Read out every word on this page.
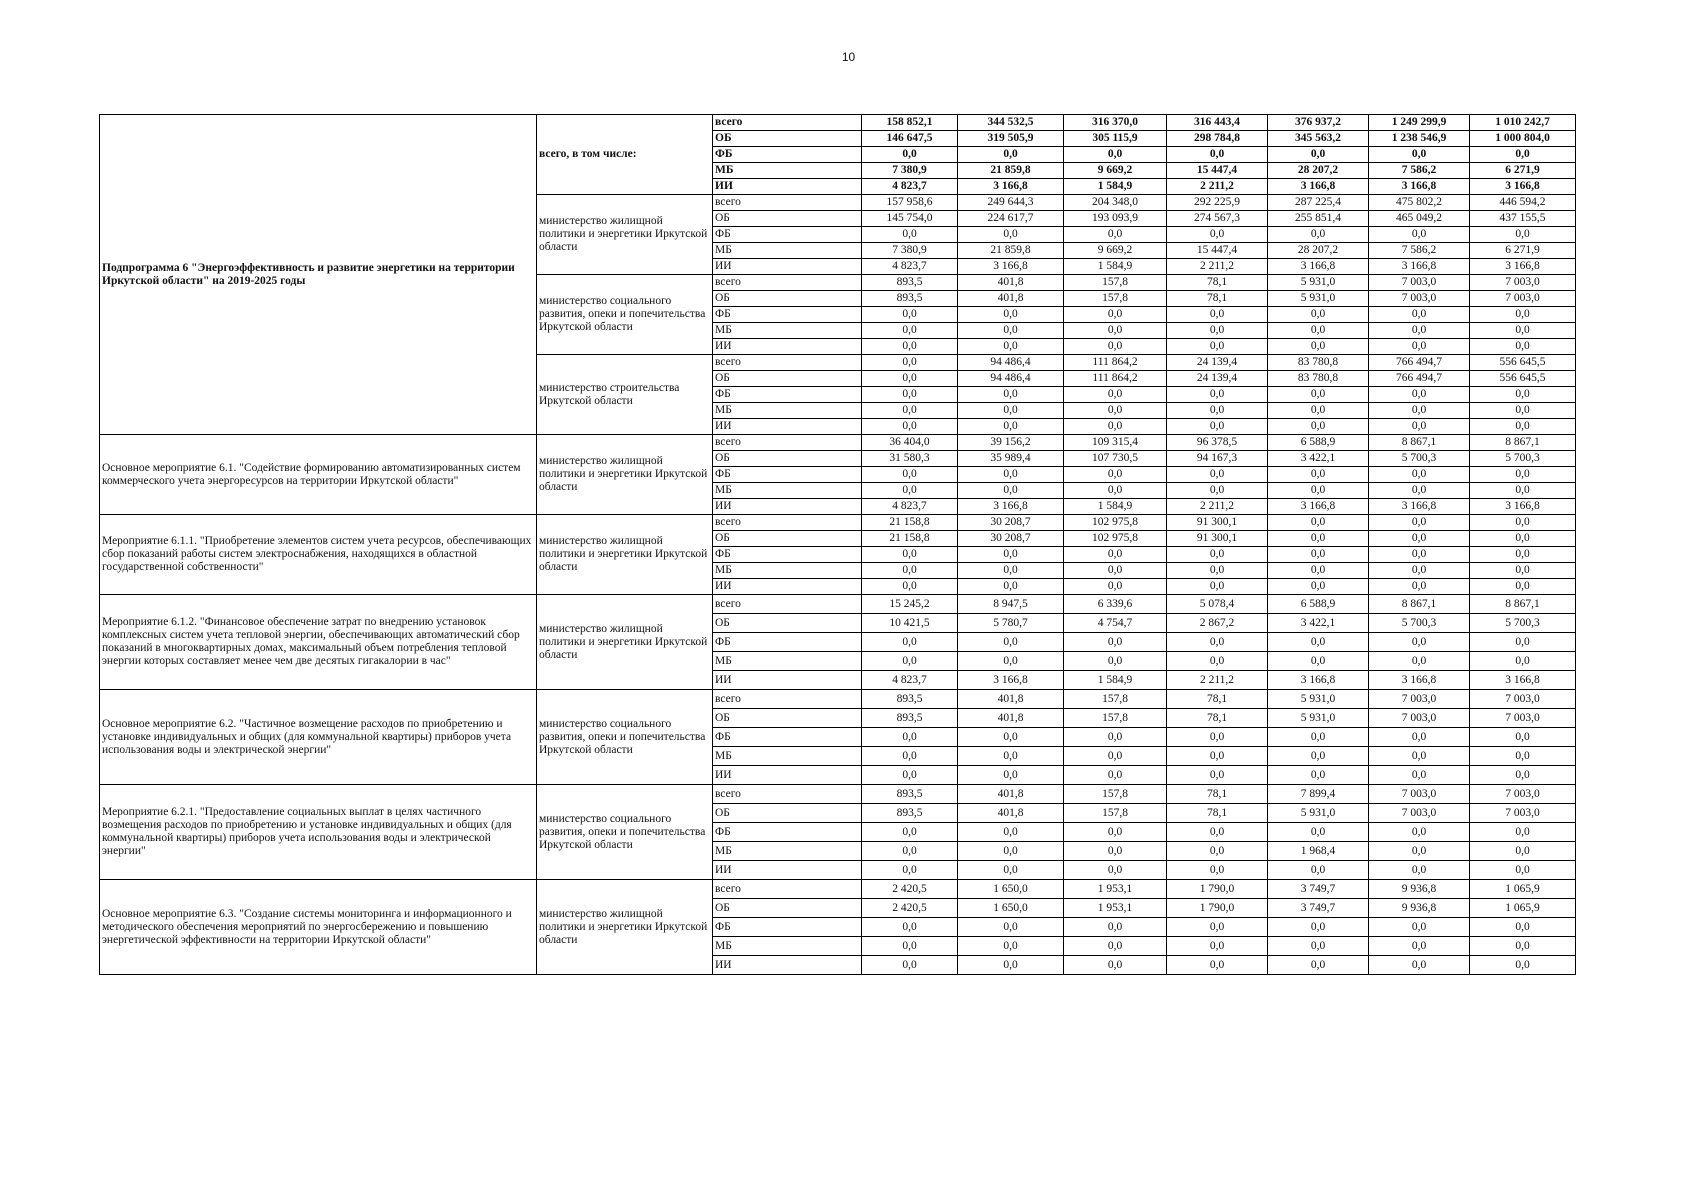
10
Подпрограмма 6 "Энергоэффективность и развитие энергетики на территории Иркутской области" на 2019-2025 годы	всего, в том числе:	всего	158 852,1	344 532,5	316 370,0	316 443,4	376 937,2	1 249 299,9	1 010 242,7
		ОБ	146 647,5	319 505,9	305 115,9	298 784,8	345 563,2	1 238 546,9	1 000 804,0
		ФБ	0,0	0,0	0,0	0,0	0,0	0,0	0,0
		МБ	7 380,9	21 859,8	9 669,2	15 447,4	28 207,2	7 586,2	6 271,9
		ИИ	4 823,7	3 166,8	1 584,9	2 211,2	3 166,8	3 166,8	3 166,8
	министерство жилищной политики и энергетики Иркутской области	всего	157 958,6	249 644,3	204 348,0	292 225,9	287 225,4	475 802,2	446 594,2
		ОБ	145 754,0	224 617,7	193 093,9	274 567,3	255 851,4	465 049,2	437 155,5
		ФБ	0,0	0,0	0,0	0,0	0,0	0,0	0,0
		МБ	7 380,9	21 859,8	9 669,2	15 447,4	28 207,2	7 586,2	6 271,9
		ИИ	4 823,7	3 166,8	1 584,9	2 211,2	3 166,8	3 166,8	3 166,8
	министерство социального развития, опеки и попечительства Иркутской области	всего	893,5	401,8	157,8	78,1	5 931,0	7 003,0	7 003,0
		ОБ	893,5	401,8	157,8	78,1	5 931,0	7 003,0	7 003,0
		ФБ	0,0	0,0	0,0	0,0	0,0	0,0	0,0
		МБ	0,0	0,0	0,0	0,0	0,0	0,0	0,0
		ИИ	0,0	0,0	0,0	0,0	0,0	0,0	0,0
	министерство строительства Иркутской области	всего	0,0	94 486,4	111 864,2	24 139,4	83 780,8	766 494,7	556 645,5
		ОБ	0,0	94 486,4	111 864,2	24 139,4	83 780,8	766 494,7	556 645,5
		ФБ	0,0	0,0	0,0	0,0	0,0	0,0	0,0
		МБ	0,0	0,0	0,0	0,0	0,0	0,0	0,0
		ИИ	0,0	0,0	0,0	0,0	0,0	0,0	0,0
Основное мероприятие 6.1. "Содействие формированию автоматизированных систем коммерческого учета энергоресурсов на территории Иркутской области"	министерство жилищной политики и энергетики Иркутской области	всего	36 404,0	39 156,2	109 315,4	96 378,5	6 588,9	8 867,1	8 867,1
		ОБ	31 580,3	35 989,4	107 730,5	94 167,3	3 422,1	5 700,3	5 700,3
		ФБ	0,0	0,0	0,0	0,0	0,0	0,0	0,0
		МБ	0,0	0,0	0,0	0,0	0,0	0,0	0,0
		ИИ	4 823,7	3 166,8	1 584,9	2 211,2	3 166,8	3 166,8	3 166,8
Мероприятие 6.1.1. "Приобретение элементов систем учета ресурсов, обеспечивающих сбор показаний работы систем электроснабжения, находящихся в областной государственной собственности"	министерство жилищной политики и энергетики Иркутской области	всего	21 158,8	30 208,7	102 975,8	91 300,1	0,0	0,0	0,0
		ОБ	21 158,8	30 208,7	102 975,8	91 300,1	0,0	0,0	0,0
		ФБ	0,0	0,0	0,0	0,0	0,0	0,0	0,0
		МБ	0,0	0,0	0,0	0,0	0,0	0,0	0,0
		ИИ	0,0	0,0	0,0	0,0	0,0	0,0	0,0
Мероприятие 6.1.2. "Финансовое обеспечение затрат по внедрению установок комплексных систем учета тепловой энергии, обеспечивающих автоматический сбор показаний в многоквартирных домах, максимальный объем потребления тепловой энергии которых составляет менее чем две десятых гигакалории в час"	министерство жилищной политики и энергетики Иркутской области	всего	15 245,2	8 947,5	6 339,6	5 078,4	6 588,9	8 867,1	8 867,1
		ОБ	10 421,5	5 780,7	4 754,7	2 867,2	3 422,1	5 700,3	5 700,3
		ФБ	0,0	0,0	0,0	0,0	0,0	0,0	0,0
		МБ	0,0	0,0	0,0	0,0	0,0	0,0	0,0
		ИИ	4 823,7	3 166,8	1 584,9	2 211,2	3 166,8	3 166,8	3 166,8
Основное мероприятие 6.2. "Частичное возмещение расходов по приобретению и установке индивидуальных и общих (для коммунальной квартиры) приборов учета использования воды и электрической энергии"	министерство социального развития, опеки и попечительства Иркутской области	всего	893,5	401,8	157,8	78,1	5 931,0	7 003,0	7 003,0
		ОБ	893,5	401,8	157,8	78,1	5 931,0	7 003,0	7 003,0
		ФБ	0,0	0,0	0,0	0,0	0,0	0,0	0,0
		МБ	0,0	0,0	0,0	0,0	0,0	0,0	0,0
		ИИ	0,0	0,0	0,0	0,0	0,0	0,0	0,0
Мероприятие 6.2.1. "Предоставление социальных выплат в целях частичного возмещения расходов по приобретению и установке индивидуальных и общих (для коммунальной квартиры) приборов учета использования воды и электрической энергии"	министерство социального развития, опеки и попечительства Иркутской области	всего	893,5	401,8	157,8	78,1	7 899,4	7 003,0	7 003,0
		ОБ	893,5	401,8	157,8	78,1	5 931,0	7 003,0	7 003,0
		ФБ	0,0	0,0	0,0	0,0	0,0	0,0	0,0
		МБ	0,0	0,0	0,0	0,0	1 968,4	0,0	0,0
		ИИ	0,0	0,0	0,0	0,0	0,0	0,0	0,0
Основное мероприятие 6.3. "Создание системы мониторинга и информационного и методического обеспечения мероприятий по энергосбережению и повышению энергетической эффективности на территории Иркутской области"	министерство жилищной политики и энергетики Иркутской области	всего	2 420,5	1 650,0	1 953,1	1 790,0	3 749,7	9 936,8	1 065,9
		ОБ	2 420,5	1 650,0	1 953,1	1 790,0	3 749,7	9 936,8	1 065,9
		ФБ	0,0	0,0	0,0	0,0	0,0	0,0	0,0
		МБ	0,0	0,0	0,0	0,0	0,0	0,0	0,0
		ИИ	0,0	0,0	0,0	0,0	0,0	0,0	0,0
